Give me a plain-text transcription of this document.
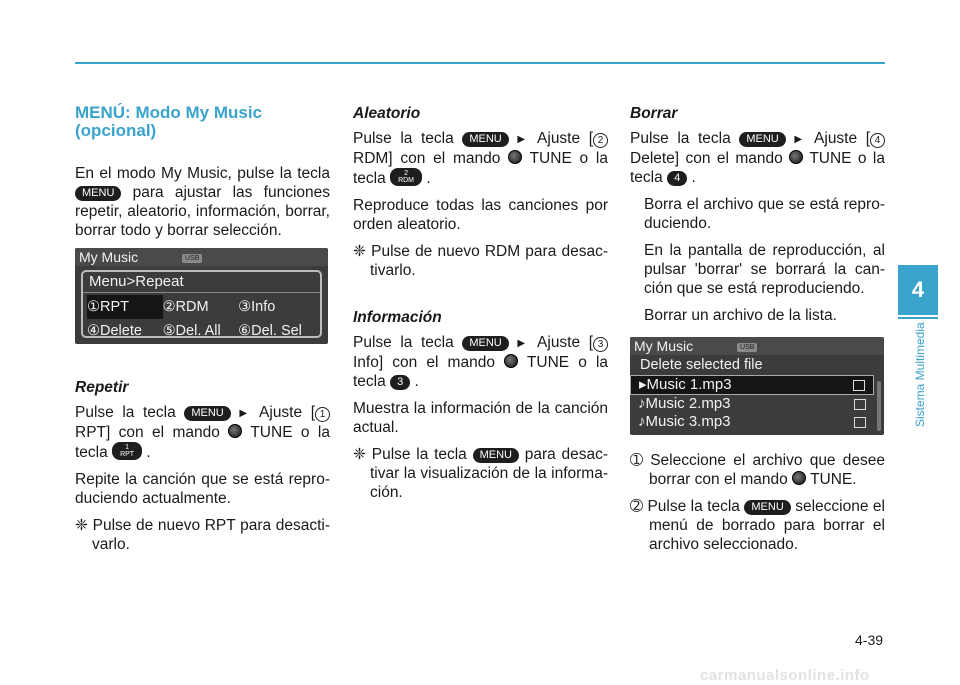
MENÚ: Modo My Music (opcional)

En el modo My Music, pulse la tecla MENU para ajustar las funciones repetir, aleatorio, información, borrar, borrar todo y borrar selección.

My Music	USB
Menu>Repeat
①RPT	②RDM	③Info
④Delete	⑤Del. All	⑥Del. Sel
Repetir

Pulse la tecla MENU ▶ Ajuste [ 1 RPT] con el mando TUNE o la tecla 1
RPT .

Repite la canción que se está repro-duciendo actualmente.

❈ Pulse de nuevo RPT para desacti-varlo.

Aleatorio

Pulse la tecla MENU ▶ Ajuste [ 2 RDM] con el mando TUNE o la tecla	2
RDM .

Reproduce todas las canciones por orden aleatorio.

❈ Pulse de nuevo RDM para desac-tivarlo.

Información

Pulse la tecla MENU ▶ Ajuste [ 3 Info] con el mando TUNE o la tecla 3 .

Muestra la información de la canción actual.

❈ Pulse la tecla MENU para desac-tivar la visualización de la informa-ción.

Borrar

Pulse la tecla MENU ▶ Ajuste [ 4 Delete] con el mando TUNE o la tecla 4 .

Borra el archivo que se está repro-duciendo.

En la pantalla de reproducción, al pulsar 'borrar' se borrará la can-ción que se está reproduciendo.

Borrar un archivo de la lista.

My Music	USB
Delete selected file
▸Music 1.mp3
♪Music 2.mp3
♪Music 3.mp3

➀ Seleccione el archivo que desee borrar con el mando TUNE.

➁ Pulse la tecla MENU seleccione el menú de borrado para borrar el archivo seleccionado.

4
Sistema Multimedia
4-39
carmanualsonline.info
